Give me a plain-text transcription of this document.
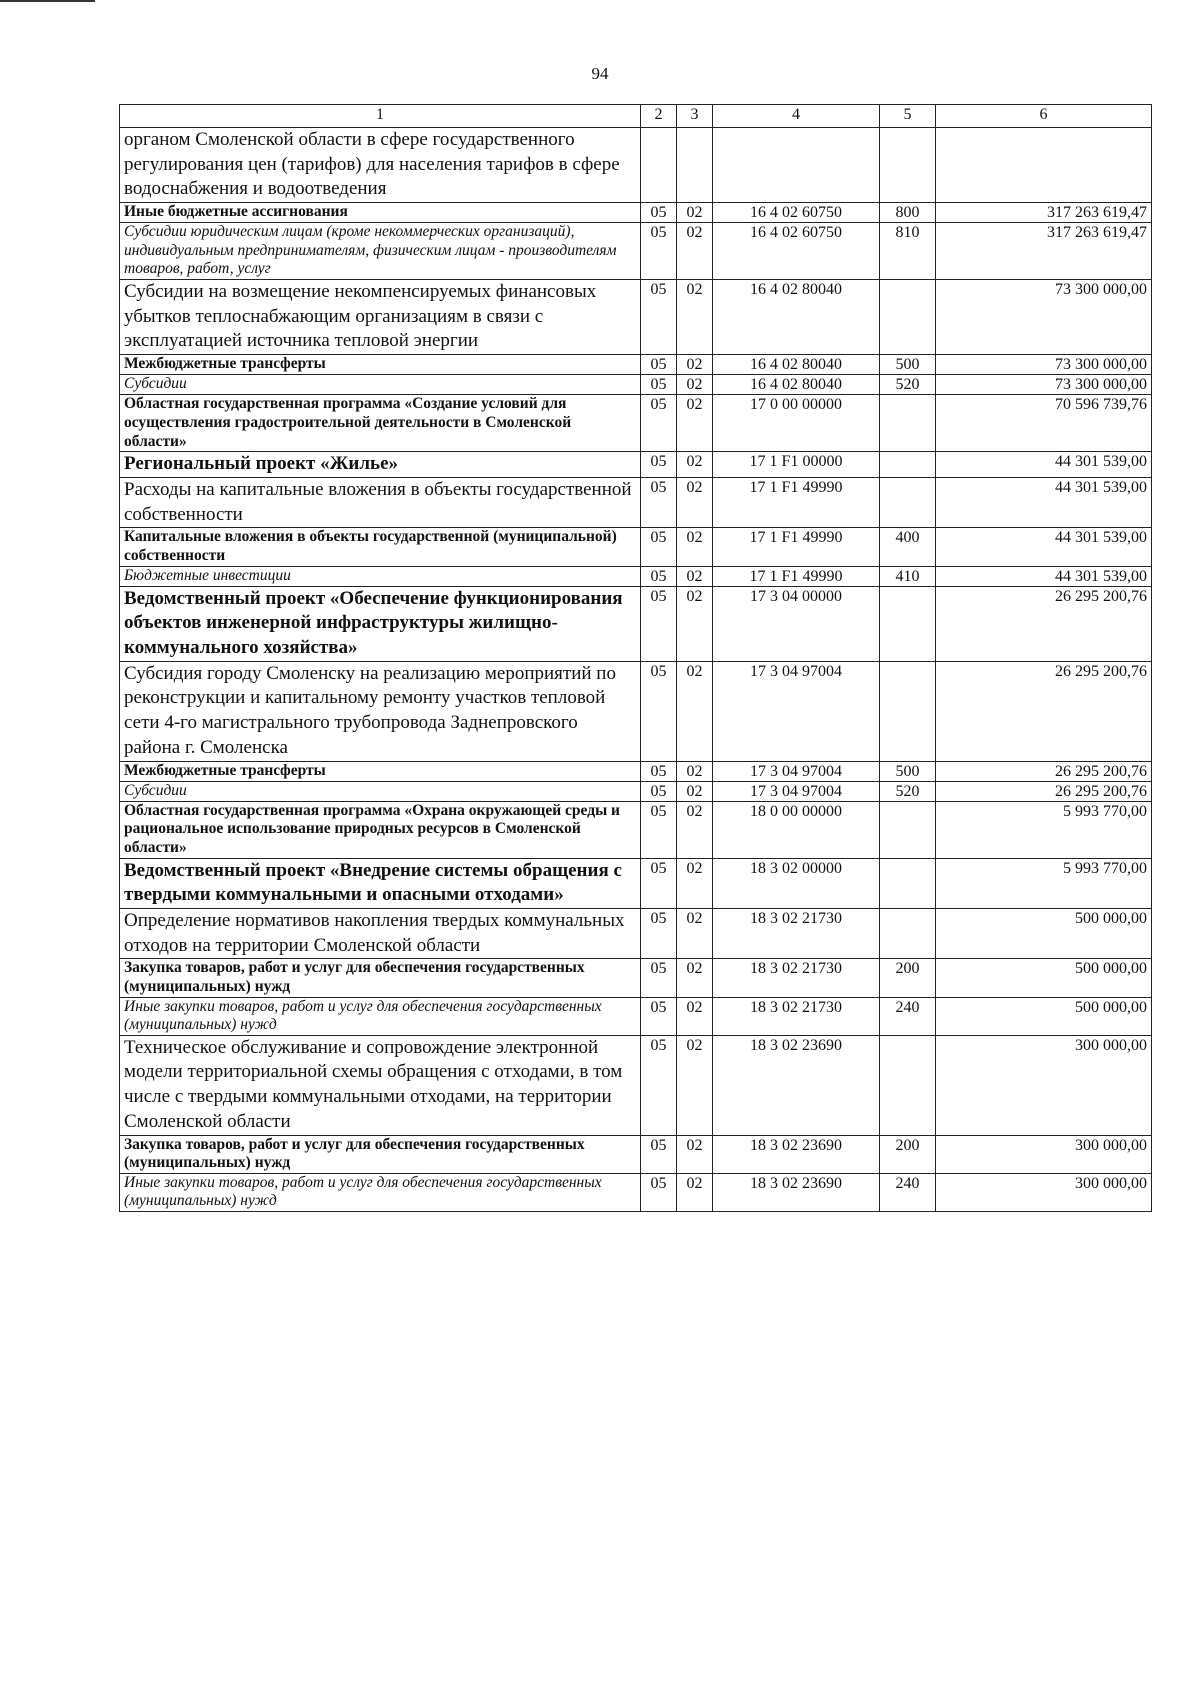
94
1	2	3	4	5	6
органом Смоленской области в сфере государственного регулирования цен (тарифов) для населения тарифов в сфере водоснабжения и водоотведения					
Иные бюджетные ассигнования	05	02	16 4 02 60750	800	317 263 619,47
Субсидии юридическим лицам (кроме некоммерческих организаций), индивидуальным предпринимателям, физическим лицам - производителям товаров, работ, услуг	05	02	16 4 02 60750	810	317 263 619,47
Субсидии на возмещение некомпенсируемых финансовых убытков теплоснабжающим организациям в связи с эксплуатацией источника тепловой энергии	05	02	16 4 02 80040		73 300 000,00
Межбюджетные трансферты	05	02	16 4 02 80040	500	73 300 000,00
Субсидии	05	02	16 4 02 80040	520	73 300 000,00
Областная государственная программа «Создание условий для осуществления градостроительной деятельности в Смоленской области»	05	02	17 0 00 00000		70 596 739,76
Региональный проект «Жилье»	05	02	17 1 F1 00000		44 301 539,00
Расходы на капитальные вложения в объекты государственной собственности	05	02	17 1 F1 49990		44 301 539,00
Капитальные вложения в объекты государственной (муниципальной) собственности	05	02	17 1 F1 49990	400	44 301 539,00
Бюджетные инвестиции	05	02	17 1 F1 49990	410	44 301 539,00
Ведомственный проект «Обеспечение функционирования объектов инженерной инфраструктуры жилищно-коммунального хозяйства»	05	02	17 3 04 00000		26 295 200,76
Субсидия городу Смоленску на реализацию мероприятий по реконструкции и капитальному ремонту участков тепловой сети 4-го магистрального трубопровода Заднепровского района г. Смоленска	05	02	17 3 04 97004		26 295 200,76
Межбюджетные трансферты	05	02	17 3 04 97004	500	26 295 200,76
Субсидии	05	02	17 3 04 97004	520	26 295 200,76
Областная государственная программа «Охрана окружающей среды и рациональное использование природных ресурсов в Смоленской области»	05	02	18 0 00 00000		5 993 770,00
Ведомственный проект «Внедрение системы обращения с твердыми коммунальными и опасными отходами»	05	02	18 3 02 00000		5 993 770,00
Определение нормативов накопления твердых коммунальных отходов на территории Смоленской области	05	02	18 3 02 21730		500 000,00
Закупка товаров, работ и услуг для обеспечения государственных (муниципальных) нужд	05	02	18 3 02 21730	200	500 000,00
Иные закупки товаров, работ и услуг для обеспечения государственных (муниципальных) нужд	05	02	18 3 02 21730	240	500 000,00
Техническое обслуживание и сопровождение электронной модели территориальной схемы обращения с отходами, в том числе с твердыми коммунальными отходами, на территории Смоленской области	05	02	18 3 02 23690		300 000,00
Закупка товаров, работ и услуг для обеспечения государственных (муниципальных) нужд	05	02	18 3 02 23690	200	300 000,00
Иные закупки товаров, работ и услуг для обеспечения государственных (муниципальных) нужд	05	02	18 3 02 23690	240	300 000,00
